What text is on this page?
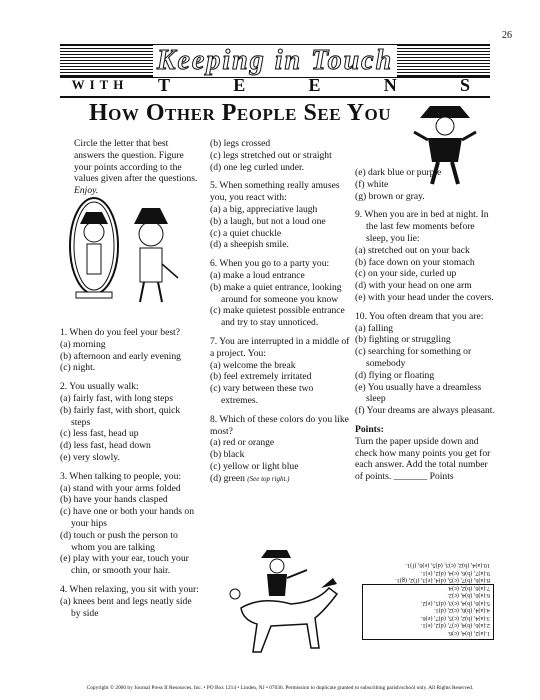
26
Keeping in Touch
WITH	T	E	E	N	S
How Other People See You

Circle the letter that best answers the question. Figure your points according to the values given after the questions. Enjoy.

1. When do you feel your best?
(a) morning
(b) afternoon and early evening
(c) night.

2. You usually walk:
(a) fairly fast, with long steps
(b) fairly fast, with short, quick steps
(c) less fast, head up
(d) less fast, head down
(e) very slowly.

3. When talking to people, you:
(a) stand with your arms folded
(b) have your hands clasped
(c) have one or both your hands on your hips
(d) touch or push the person to whom you are talking
(e) play with your ear, touch your chin, or smooth your hair.

4. When relaxing, you sit with your:
(a) knees bent and legs neatly side by side

(b) legs crossed
(c) legs stretched out or straight
(d) one leg curled under.

5. When something really amuses you, you react with:
(a) a big, appreciative laugh
(b) a laugh, but not a loud one
(c) a quiet chuckle
(d) a sheepish smile.

6. When you go to a party you:
(a) make a loud entrance
(b) make a quiet entrance, looking around for someone you know
(c) make quietest possible entrance and try to stay unnoticed.

7. You are interrupted in a middle of a project. You:
(a) welcome the break
(b) feel extremely irritated
(c) vary between these two extremes.

8. Which of these colors do you like most?
(a) red or orange
(b) black
(c) yellow or light blue
(d) green (See top right.)

(e) dark blue or purple
(f) white
(g) brown or gray.

9. When you are in bed at night. In the last few moments before sleep, you lie:
(a) stretched out on your back
(b) face down on your stomach
(c) on your side, curled up
(d) with your head on one arm
(e) with your head under the covers.

10. You often dream that you are:
(a) falling
(b) fighting or struggling
(c) searching for something or somebody
(d) flying or floating
(e) You usually have a dreamless sleep
(f) Your dreams are always pleasant.

Points:
Turn the paper upside down and check how many points you get for each answer. Add the total number of points. _______ Points

1.(a)2, (b)4, (c)6.
2.(a)6, (b)4, (c)7, (d)2, (e)1.
3.(a)4, (b)2, (c)5, (d)7, (e)6.
4.(a)4, (b)6, (c)2, (d)1.
5.(a)6, (b)4, (c)3, (d)5, (e)2.
6.(a)6, (b)4, (c)2.
7.(a)6, (b)2, (c)4.
8.(a)6, (b)7, (c)5, (d)4, (e)3, (f)2, (g)1.
9.(a)7, (b)6, (c)4, (d)2, (e)1.
10.(a)4, (b)2, (c)3, (d)5, (e)6, (f)1.
Copyright © 2000 by Journal Press II Resources, Inc. • PO Box 1214 • Linden, NJ • 07036. Permission to duplicate granted to subscribing parish/school only. All Rights Reserved.
